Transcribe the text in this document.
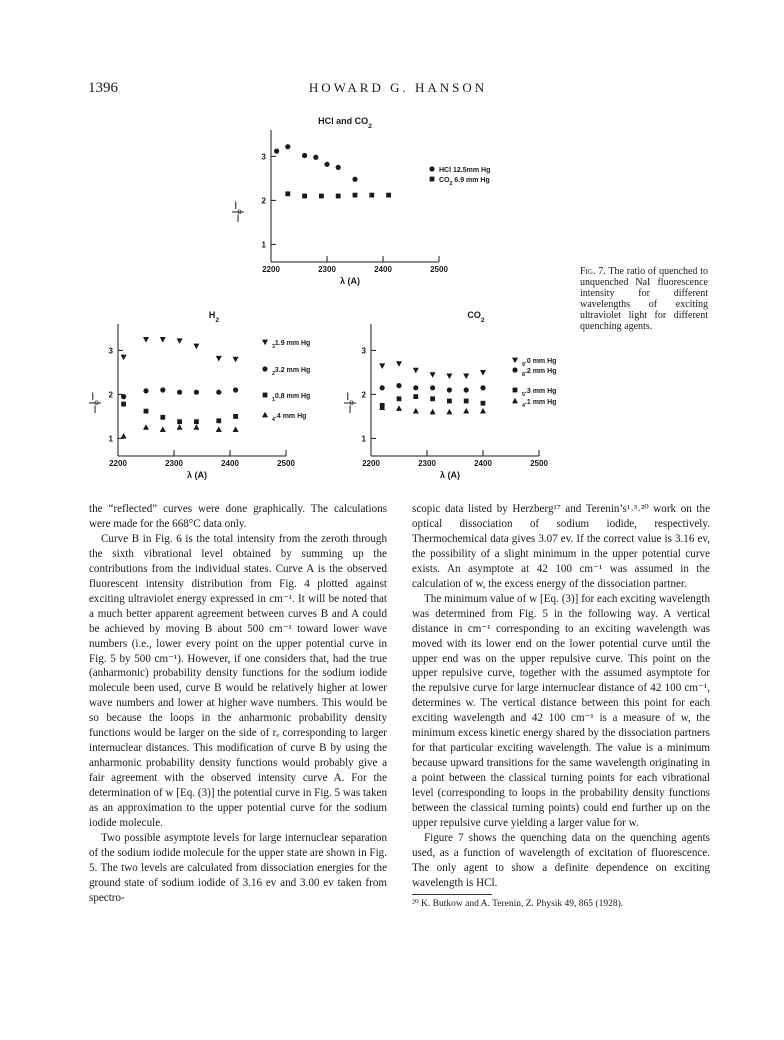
1396	HOWARD G. HANSON
2200	2300	2400	2500
1
2
3
HCl and $CO_2$
λ (A)
$I_o$
I
HCl 12.5mm Hg
$CO_2$ 6.9 mm Hg
2200	2300	2400	2500
1
2
3
$H_2$
λ (A)
$I_o$
I
$_3$1.9 mm Hg
$_2$3.2 mm Hg
$_1$0.8 mm Hg
$_4$.4 mm Hg
2200	2300	2400	2500
1
2
3
$CO_2$
λ (A)
$I_o$
I
$_9$.0 mm Hg
$_8$.2 mm Hg
$_5$.3 mm Hg
$_4$.1 mm Hg
Fig. 7. The ratio of quenched to unquenched NaI fluorescence intensity for different wavelengths of exciting ultraviolet light for different quenching agents.

the “reflected” curves were done graphically. The calculations were made for the 668°C data only.

Curve B in Fig. 6 is the total intensity from the zeroth through the sixth vibrational level obtained by summing up the contributions from the individual states. Curve A is the observed fluorescent intensity distribution from Fig. 4 plotted against exciting ultraviolet energy expressed in cm⁻¹. It will be noted that a much better apparent agreement between curves B and A could be achieved by moving B about 500 cm⁻¹ toward lower wave numbers (i.e., lower every point on the upper potential curve in Fig. 5 by 500 cm⁻¹). However, if one considers that, had the true (anharmonic) probability density functions for the sodium iodide molecule been used, curve B would be relatively higher at lower wave numbers and lower at higher wave numbers. This would be so because the loops in the anharmonic probability density functions would be larger on the side of rₑ corresponding to larger internuclear distances. This modification of curve B by using the anharmonic probability density functions would probably give a fair agreement with the observed intensity curve A. For the determination of w [Eq. (3)] the potential curve in Fig. 5 was taken as an approximation to the upper potential curve for the sodium iodide molecule.

Two possible asymptote levels for large internuclear separation of the sodium iodide molecule for the upper state are shown in Fig. 5. The two levels are calculated from dissociation energies for the ground state of sodium iodide of 3.16 ev and 3.00 ev taken from spectro-

scopic data listed by Herzberg¹⁷ and Terenin’s¹˒³˒²⁰ work on the optical dissociation of sodium iodide, respectively. Thermochemical data gives 3.07 ev. If the correct value is 3.16 ev, the possibility of a slight minimum in the upper potential curve exists. An asymptote at 42 100 cm⁻¹ was assumed in the calculation of w, the excess energy of the dissociation partner.

The minimum value of w [Eq. (3)] for each exciting wavelength was determined from Fig. 5 in the following way. A vertical distance in cm⁻¹ corresponding to an exciting wavelength was moved with its lower end on the lower potential curve until the upper end was on the upper repulsive curve. This point on the upper repulsive curve, together with the assumed asymptote for the repulsive curve for large internuclear distance of 42 100 cm⁻¹, determines w. The vertical distance between this point for each exciting wavelength and 42 100 cm⁻¹ is a measure of w, the minimum excess kinetic energy shared by the dissociation partners for that particular exciting wavelength. The value is a minimum because upward transitions for the same wavelength originating in a point between the classical turning points for each vibrational level (corresponding to loops in the probability density functions between the classical turning points) could end further up on the upper repulsive curve yielding a larger value for w.

Figure 7 shows the quenching data on the quenching agents used, as a function of wavelength of excitation of fluorescence. The only agent to show a definite dependence on exciting wavelength is HCl.

²⁰ K. Butkow and A. Terenin, Z. Physik 49, 865 (1928).
